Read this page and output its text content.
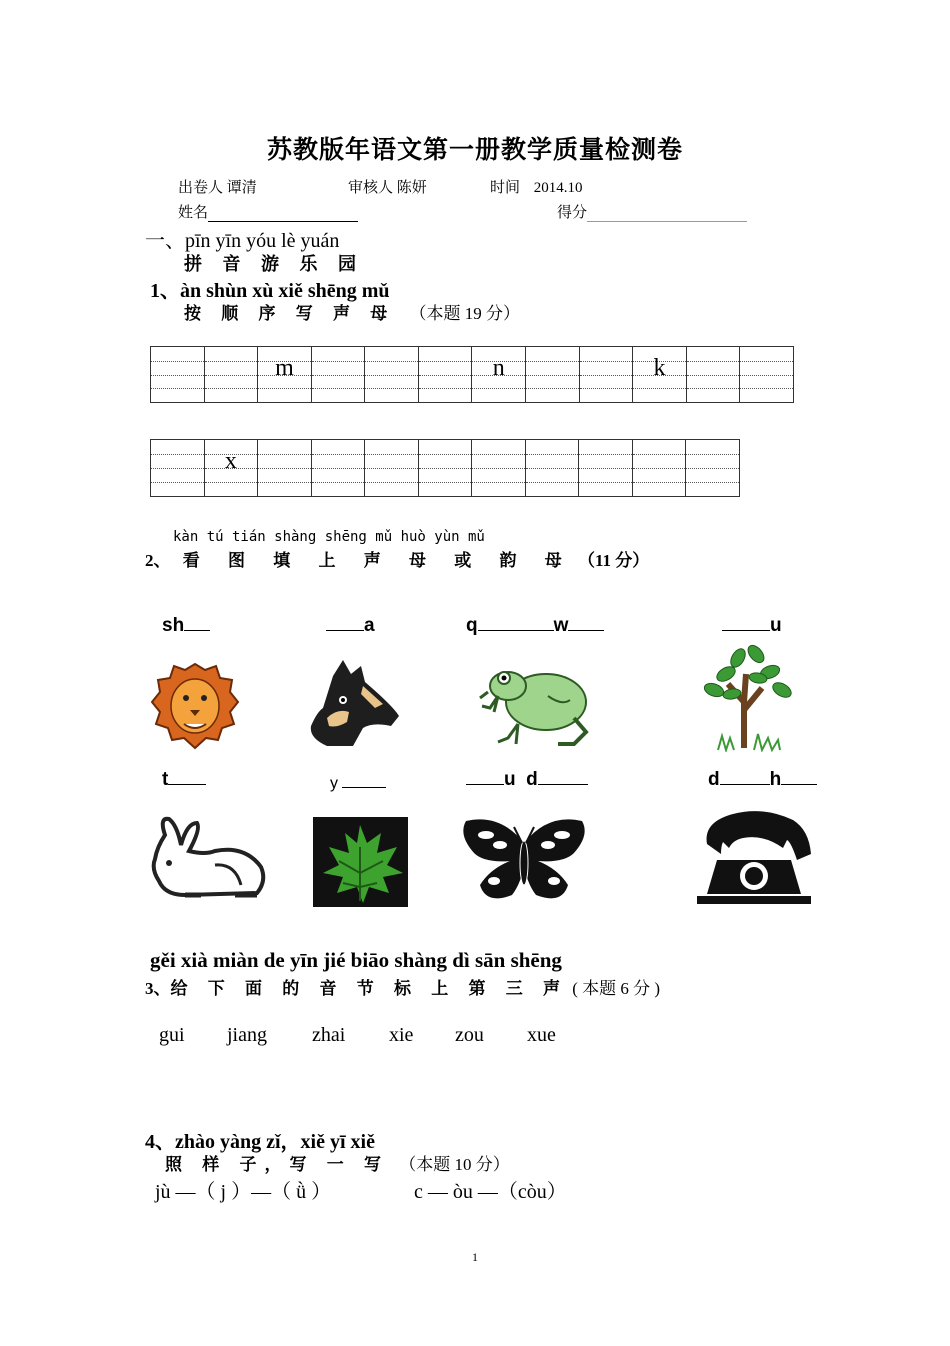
苏教版年语文第一册教学质量检测卷
出卷人 谭清	审核人 陈妍	时间 2014.10
姓名	得分
一、pīn yīn yóu lè yuán
拼 音 游 乐 园
1、àn shùn xù xiě shēng mǔ
按 顺 序 写 声 母 （本题 19 分）
m	n	k
x
kàn tú tián shàng shēng mǔ huò yùn mǔ
2、 看 图 填 上 声 母 或 韵 母 （11 分）
sh	a	q	w	u
t	y	u  d	d	h
gěi xià miàn de yīn jié biāo shàng dì sān shēng
3、给 下 面 的 音 节 标 上 第 三 声 ( 本题 6 分 )
gui jiang zhai xie zou xue
4、zhào yàng zǐ，xiě yī xiě
照 样 子，写 一 写 （本题 10 分）
jù —（ j ）—（ ǜ ）	c — òu —（còu）
1
